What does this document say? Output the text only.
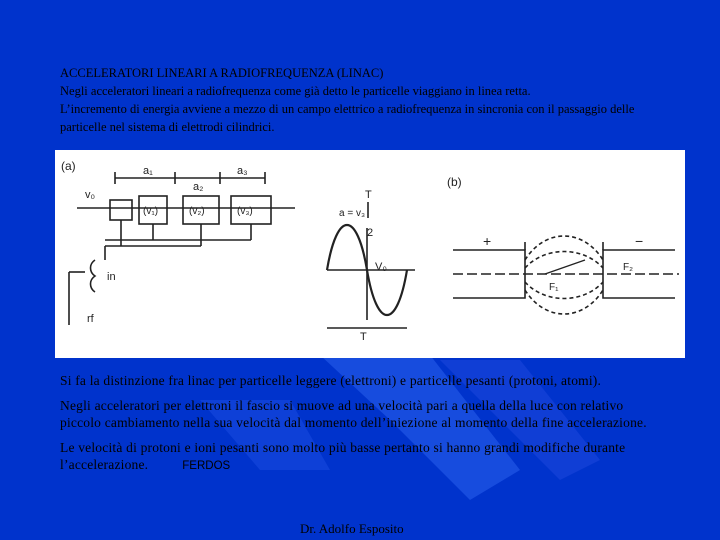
ACCELERATORI LINEARI A RADIOFREQUENZA (LINAC)

Negli acceleratori lineari a radiofrequenza come già detto le particelle viaggiano in linea retta.

L’incremento di energia avviene a mezzo di un campo elettrico a radiofrequenza in sincronia con il passaggio delle particelle nel sistema di elettrodi cilindrici.

(a)	a₁
a₂
a₃
v₀
(v₁)	(v₂)	(v₃)
in
rf
T
a = v₃
2
V₀
T
(b)
+	−
F₁
F₂

Si fa la distinzione fra linac per particelle leggere (elettroni) e particelle pesanti (protoni, atomi).

Negli acceleratori per elettroni il fascio si muove ad una velocità pari a quella della luce con relativo piccolo cambiamento nella sua velocità dal momento dell’iniezione al momento della fine accelerazione.

Le velocità di protoni e ioni pesanti sono molto più basse pertanto si hanno grandi modifiche durante l’accelerazione.	FERDOS

Dr. Adolfo Esposito
